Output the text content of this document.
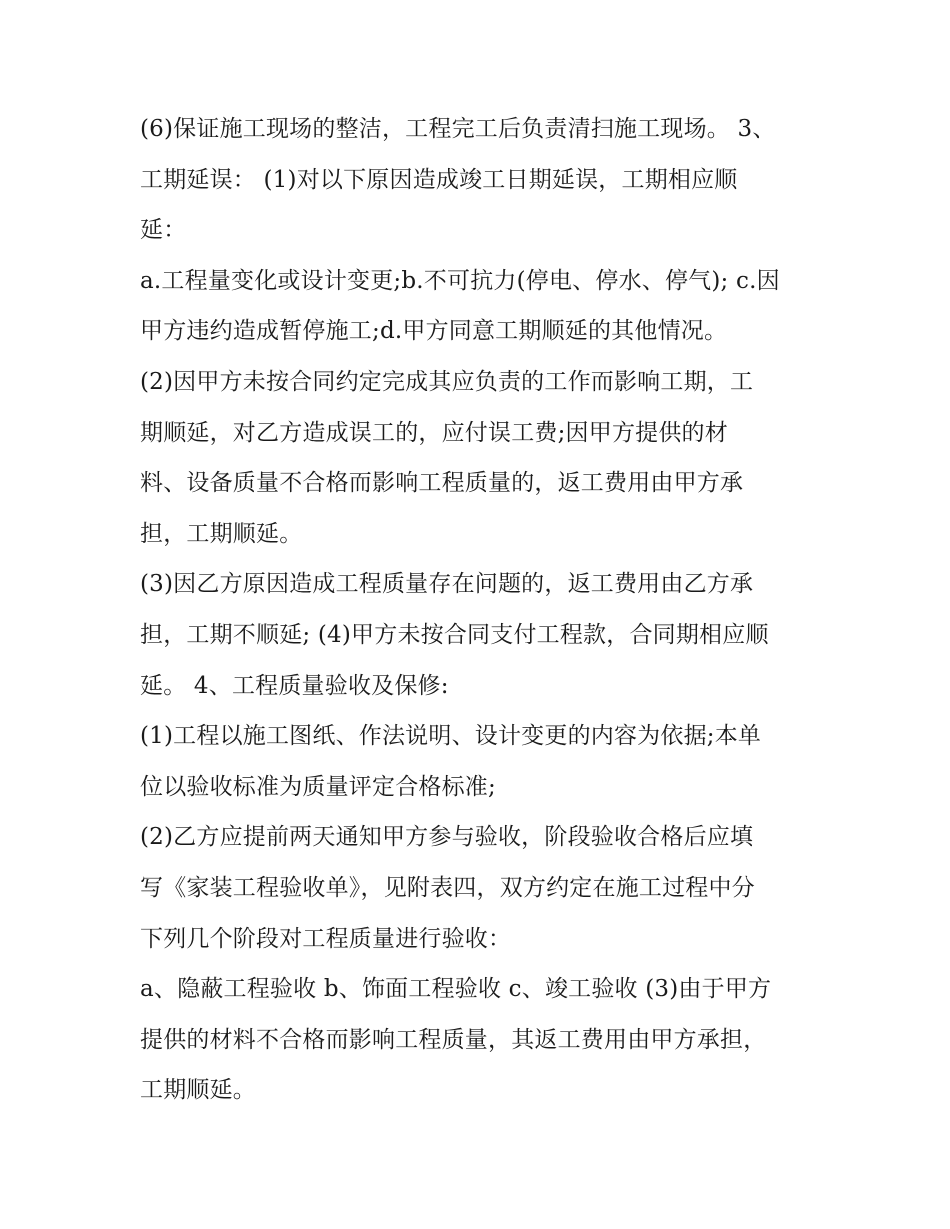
(6)保证施工现场的整洁，工程完工后负责清扫施工现场。 3、
工期延误： (1)对以下原因造成竣工日期延误，工期相应顺
延：
a.工程量变化或设计变更;b.不可抗力(停电、停水、停气); c.因
甲方违约造成暂停施工;d.甲方同意工期顺延的其他情况。
(2)因甲方未按合同约定完成其应负责的工作而影响工期，工
期顺延，对乙方造成误工的，应付误工费;因甲方提供的材
料、设备质量不合格而影响工程质量的，返工费用由甲方承
担，工期顺延。
(3)因乙方原因造成工程质量存在问题的，返工费用由乙方承
担，工期不顺延; (4)甲方未按合同支付工程款，合同期相应顺
延。 4、工程质量验收及保修:
(1)工程以施工图纸、作法说明、设计变更的内容为依据;本单
位以验收标准为质量评定合格标准;
(2)乙方应提前两天通知甲方参与验收，阶段验收合格后应填
写《家装工程验收单》，见附表四，双方约定在施工过程中分
下列几个阶段对工程质量进行验收：
a、隐蔽工程验收 b、饰面工程验收 c、竣工验收 (3)由于甲方
提供的材料不合格而影响工程质量，其返工费用由甲方承担，
工期顺延。
